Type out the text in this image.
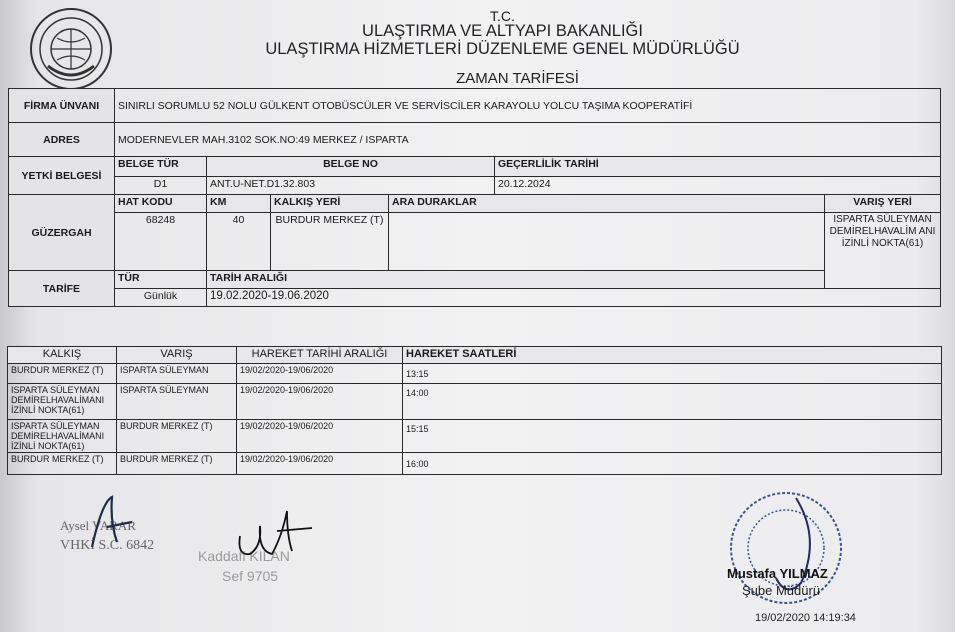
T.C.
ULAŞTIRMA VE ALTYAPI BAKANLIĞI
ULAŞTIRMA HİZMETLERİ DÜZENLEME GENEL MÜDÜRLÜĞÜ
ZAMAN TARİFESİ
FİRMA ÜNVANI	SINIRLI SORUMLU 52 NOLU GÜLKENT OTOBÜSCÜLER VE SERVİSCİLER KARAYOLU YOLCU TAŞIMA KOOPERATİFİ					
ADRES	MODERNEVLER MAH.3102 SOK.NO:49 MERKEZ / ISPARTA					
YETKİ BELGESİ	BELGE TÜR	BELGE NO			GEÇERLİLİK TARİHİ	
	D1	ANT.U-NET.D1.32.803			20.12.2024	
GÜZERGAH	HAT KODU	KM	KALKIŞ YERİ	ARA DURAKLAR		VARIŞ YERİ
	68248	40	BURDUR MERKEZ (T)			ISPARTA SÜLEYMAN DEMİRELHAVALİM ANI İZİNLİ NOKTA(61)
TARİFE	TÜR	TARİH ARALIĞI				
	Günlük	19.02.2020-19.06.2020				
KALKIŞ	VARIŞ	HAREKET TARİHİ ARALIĞI	HAREKET SAATLERİ
BURDUR MERKEZ (T)	ISPARTA SÜLEYMAN	19/02/2020-19/06/2020	13:15
ISPARTA SÜLEYMAN DEMİRELHAVALİMANI İZİNLİ NOKTA(61)	ISPARTA SÜLEYMAN	19/02/2020-19/06/2020	14:00
ISPARTA SÜLEYMAN DEMİRELHAVALİMANI İZİNLİ NOKTA(61)	BURDUR MERKEZ (T)	19/02/2020-19/06/2020	15:15
BURDUR MERKEZ (T)	BURDUR MERKEZ (T)	19/02/2020-19/06/2020	16:00
Aysel VARAR
VHKİ S.C. 6842
Kaddafi KILAN
Sef 9705	Mustafa YILMAZ
Şube Müdürü
19/02/2020 14:19:34
